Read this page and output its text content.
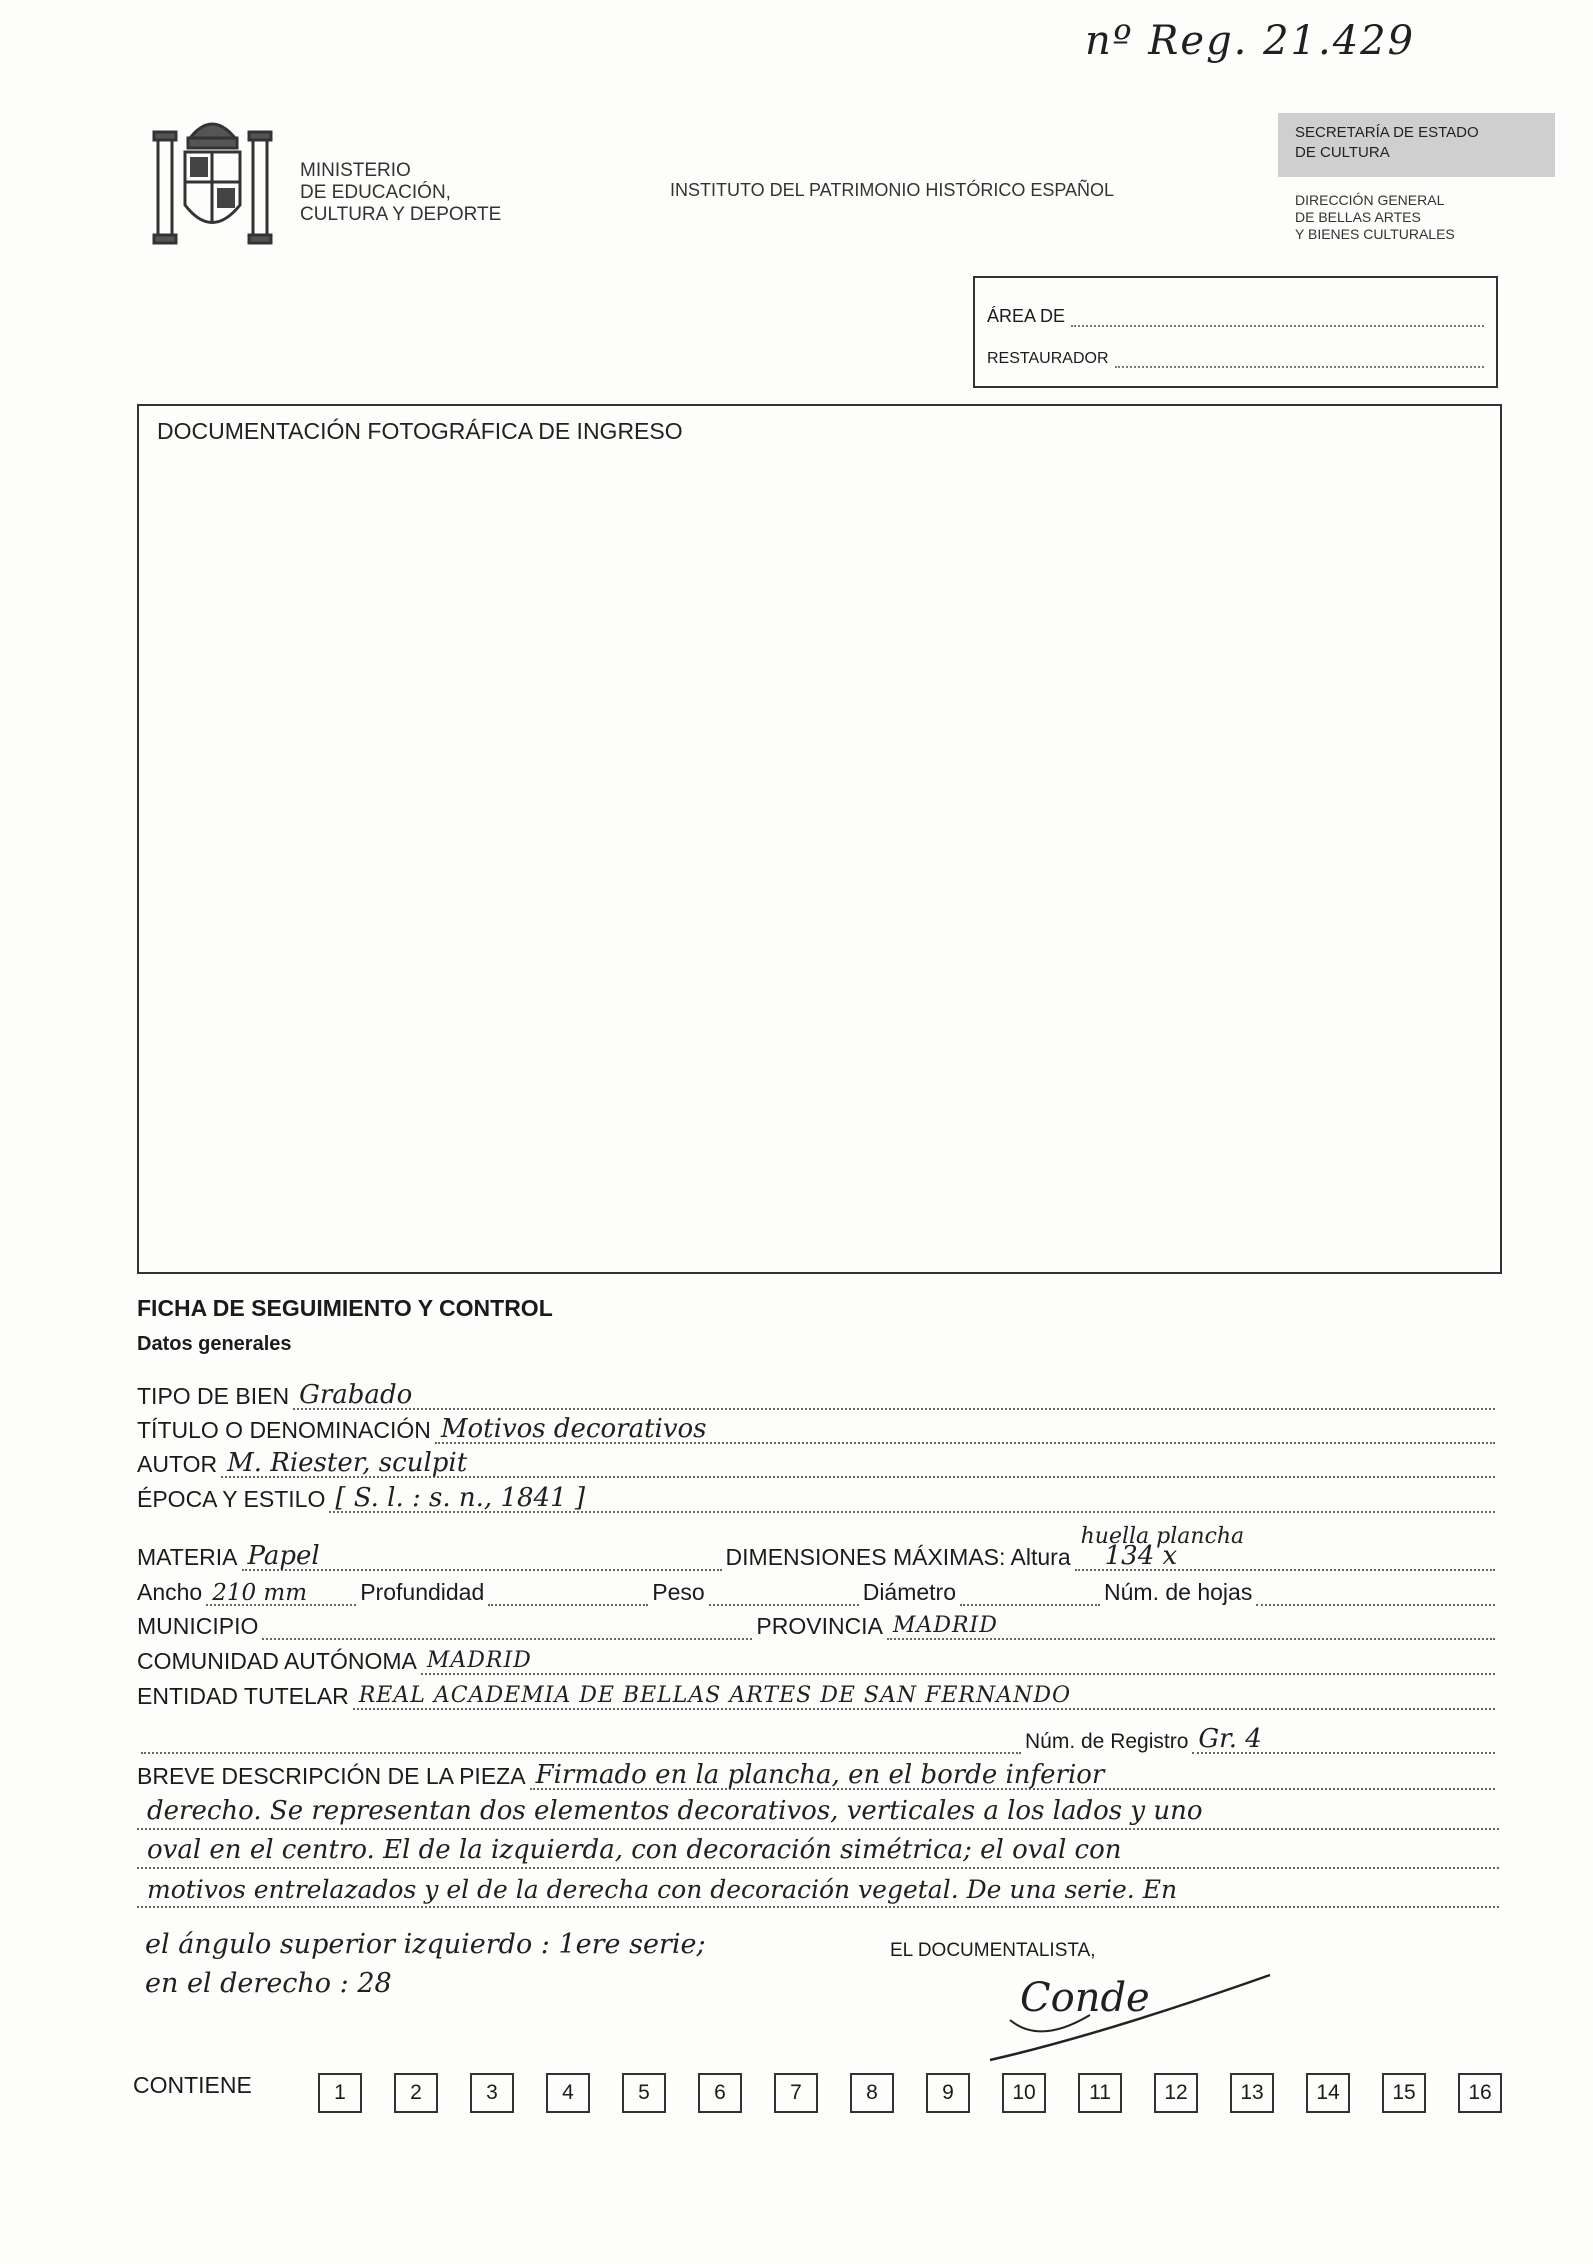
nº Reg. 21.429
MINISTERIO
DE EDUCACIÓN,
CULTURA Y DEPORTE
INSTITUTO DEL PATRIMONIO HISTÓRICO ESPAÑOL
SECRETARÍA DE ESTADO
DE CULTURA
DIRECCIÓN GENERAL
DE BELLAS ARTES
Y BIENES CULTURALES
ÁREA DE
RESTAURADOR
DOCUMENTACIÓN FOTOGRÁFICA DE INGRESO
FICHA DE SEGUIMIENTO Y CONTROL
Datos generales
TIPO DE BIEN Grabado
TÍTULO O DENOMINACIÓN Motivos decorativos
AUTOR M. Riester, sculpit
ÉPOCA Y ESTILO [ S. l. : s. n., 1841 ]
MATERIA Papel	DIMENSIONES MÁXIMAS: Altura
huella plancha
134 x
Ancho 210 mm Profundidad	Peso	Diámetro	Núm. de hojas
MUNICIPIO	PROVINCIA MADRID
COMUNIDAD AUTÓNOMA MADRID
ENTIDAD TUTELAR REAL ACADEMIA DE BELLAS ARTES DE SAN FERNANDO
Núm. de Registro Gr. 4
BREVE DESCRIPCIÓN DE LA PIEZA Firmado en la plancha, en el borde inferior
derecho. Se representan dos elementos decorativos, verticales a los lados y uno
oval en el centro. El de la izquierda, con decoración simétrica; el oval con
motivos entrelazados y el de la derecha con decoración vegetal. De una serie. En
el ángulo superior izquierdo : 1ere serie;	EL DOCUMENTALISTA,
en el derecho : 28	Conde
CONTIENE	1	2	3	4	5	6	7	8	9	10	11	12	13	14	15	16
